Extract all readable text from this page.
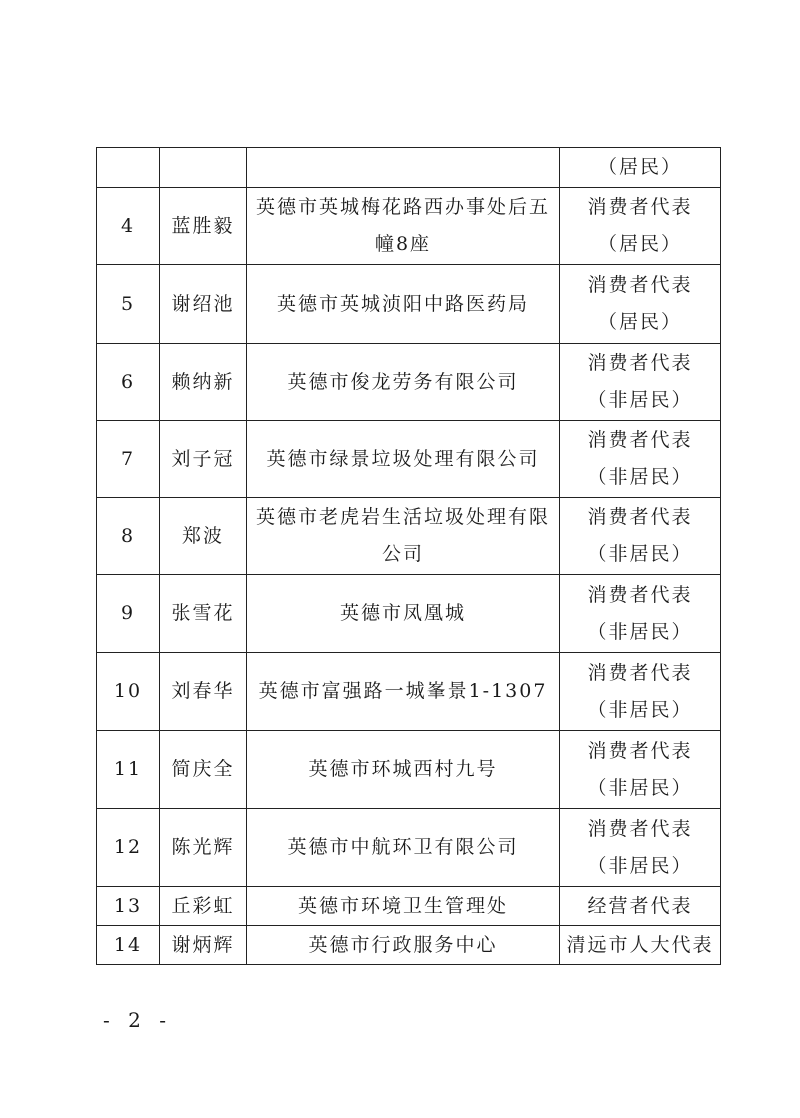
			（居民）

4	蓝胜毅	英德市英城梅花路西办事处后五幢8座	消费者代表
（居民）

5	谢绍池	英德市英城浈阳中路医药局	消费者代表
（居民）

6	赖纳新	英德市俊龙劳务有限公司	消费者代表
（非居民）

7	刘子冠	英德市绿景垃圾处理有限公司	消费者代表
（非居民）

8	郑波	英德市老虎岩生活垃圾处理有限公司	消费者代表
（非居民）

9	张雪花	英德市凤凰城	消费者代表
（非居民）

10	刘春华	英德市富强路一城峯景1-1307	消费者代表
（非居民）

11	简庆全	英德市环城西村九号	消费者代表
（非居民）

12	陈光辉	英德市中航环卫有限公司	消费者代表
（非居民）

13	丘彩虹	英德市环境卫生管理处	经营者代表

14	谢炳辉	英德市行政服务中心	清远市人大代表
- 2 -
